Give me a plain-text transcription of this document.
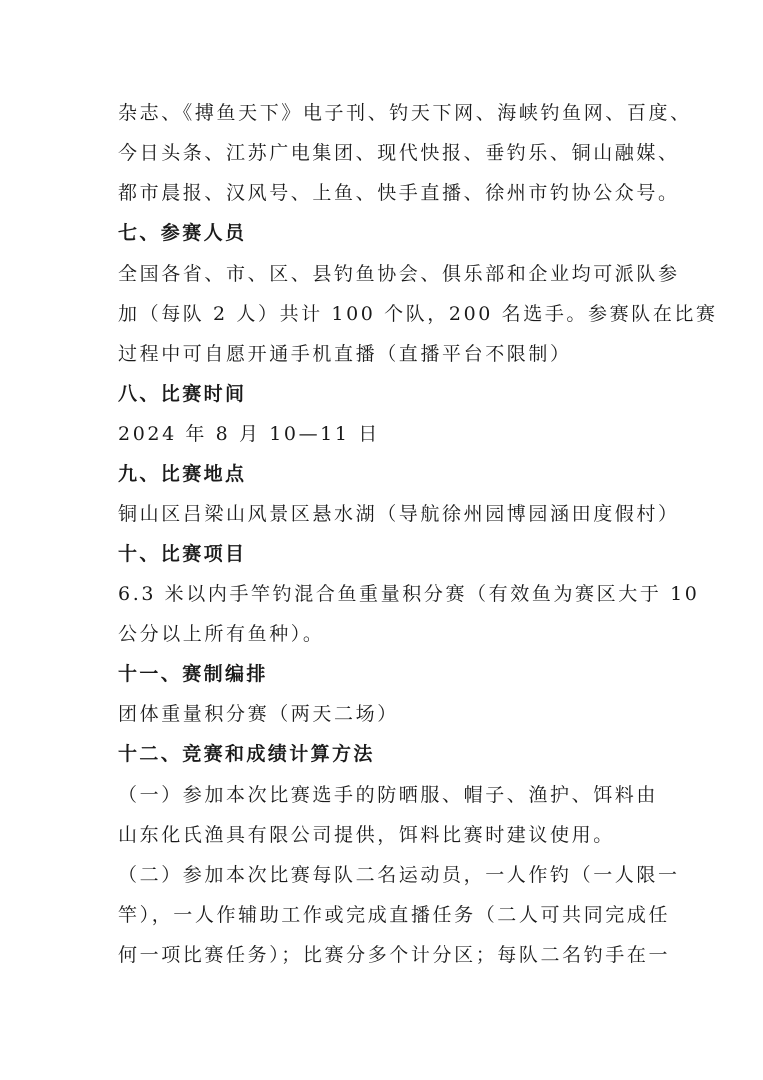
杂志、《搏鱼天下》电子刊、钓天下网、海峡钓鱼网、百度、
今日头条、江苏广电集团、现代快报、垂钓乐、铜山融媒、
都市晨报、汉风号、上鱼、快手直播、徐州市钓协公众号。
七、参赛人员
全国各省、市、区、县钓鱼协会、俱乐部和企业均可派队参
加（每队 2 人）共计 100 个队，200 名选手。参赛队在比赛
过程中可自愿开通手机直播（直播平台不限制）
八、比赛时间
2024 年 8 月 10—11 日
九、比赛地点
铜山区吕梁山风景区悬水湖（导航徐州园博园涵田度假村）
十、比赛项目
6.3 米以内手竿钓混合鱼重量积分赛（有效鱼为赛区大于 10
公分以上所有鱼种）。
十一、赛制编排
团体重量积分赛（两天二场）
十二、竞赛和成绩计算方法
（一）参加本次比赛选手的防晒服、帽子、渔护、饵料由
山东化氏渔具有限公司提供，饵料比赛时建议使用。
（二）参加本次比赛每队二名运动员，一人作钓（一人限一
竿），一人作辅助工作或完成直播任务（二人可共同完成任
何一项比赛任务）；比赛分多个计分区；每队二名钓手在一
